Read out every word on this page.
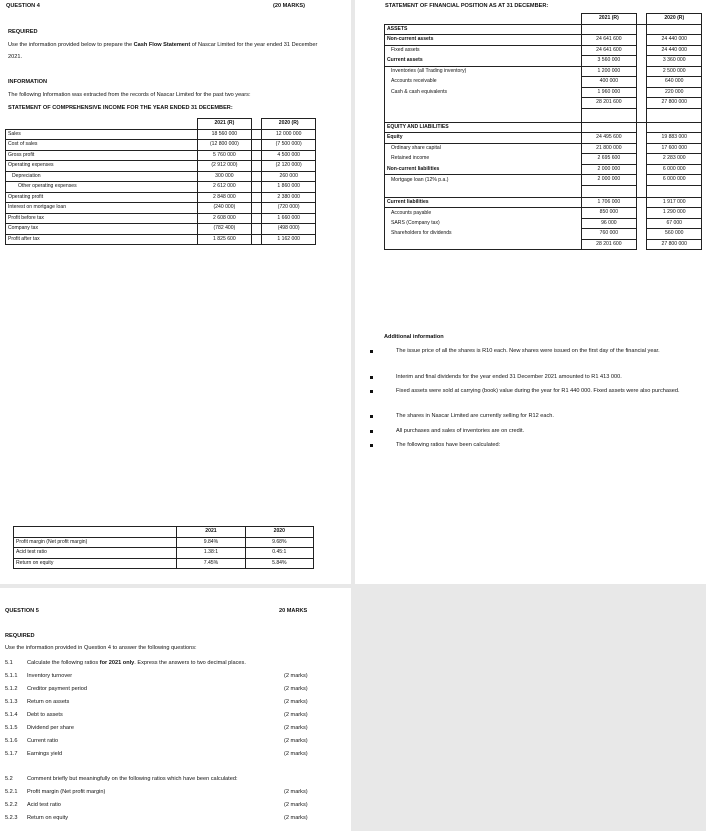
QUESTION 4	(20 MARKS)
REQUIRED
Use the information provided below to prepare the Cash Flow Statement of Nascar Limited for the year ended 31 December 2021.
INFORMATION
The following Information was extracted from the records of Nascar Limited for the past two years:
STATEMENT OF COMPREHENSIVE INCOME FOR THE YEAR ENDED 31 DECEMBER:
	2021 (R)		2020 (R)
Sales	18 560 000		12 000 000
Cost of sales	(12 800 000)		(7 500 000)
Gross profit	5 760 000		4 500 000
Operating expenses	(2 912 000)		(2 120 000)
Depreciation	300 000		260 000
Other operating expenses	2 612 000		1 860 000
Operating profit	2 848 000		2 380 000
Interest on mortgage loan	(240 000)		(720 000)
Profit before tax	2 608 000		1 660 000
Company tax	(782 400)		(498 000)
Profit after tax	1 825 600		1 162 000
STATEMENT OF FINANCIAL POSITION AS AT 31 DECEMBER:
	2021 (R)		2020 (R)
ASSETS			
Non-current assets	24 641 600		24 440 000
Fixed assets	24 641 600		24 440 000
Current assets	3 560 000		3 360 000
Inventories (all Trading inventory)	1 200 000		2 500 000
Accounts receivable	400 000		640 000
Cash & cash equivalents	1 960 000		220 000
	28 201 600		27 800 000

EQUITY AND LIABILITIES			
Equity	24 495 600		19 883 000
Ordinary share capital	21 800 000		17 600 000
Retained income	2 695 600		2 283 000
Non-current liabilities	2 000 000		6 000 000
Mortgage loan (12% p.a.)	2 000 000		6 000 000

Current liabilities	1 706 000		1 917 000
Accounts payable	850 000		1 290 000
SARS (Company tax)	96 000		67 000
Shareholders for dividends	760 000		560 000
	28 201 600		27 800 000
Additional information
The issue price of all the shares is R10 each. New shares were issued on the first day of the financial year.
Interim and final dividends for the year ended 31 December 2021 amounted to R1 413 000.
Fixed assets were sold at carrying (book) value during the year for R1 440 000. Fixed assets were also purchased.
The shares in Nascar Limited are currently selling for R12 each.
All purchases and sales of inventories are on credit.
The following ratios have been calculated:
QUESTION 5	20 MARKS
REQUIRED
Use the information provided in Question 4 to answer the following questions:
5.1	Calculate the following ratios for 2021 only. Express the answers to two decimal places.
5.1.1 Inventory turnover	(2 marks)
5.1.2 Creditor payment period	(2 marks)
5.1.3 Return on assets	(2 marks)
5.1.4 Debt to assets	(2 marks)
5.1.5 Dividend per share	(2 marks)
5.1.6 Current ratio	(2 marks)
5.1.7 Earnings yield	(2 marks)
5.2	Comment briefly but meaningfully on the following ratios which have been calculated:
5.2.1 Profit margin (Net profit margin)	(2 marks)
5.2.2 Acid test ratio	(2 marks)
5.2.3 Return on equity	(2 marks)
	2021	2020
Profit margin (Net profit margin)	9.84%	9.68%
Acid test ratio	1.38:1	0.45:1
Return on equity	7.45%	5.84%
